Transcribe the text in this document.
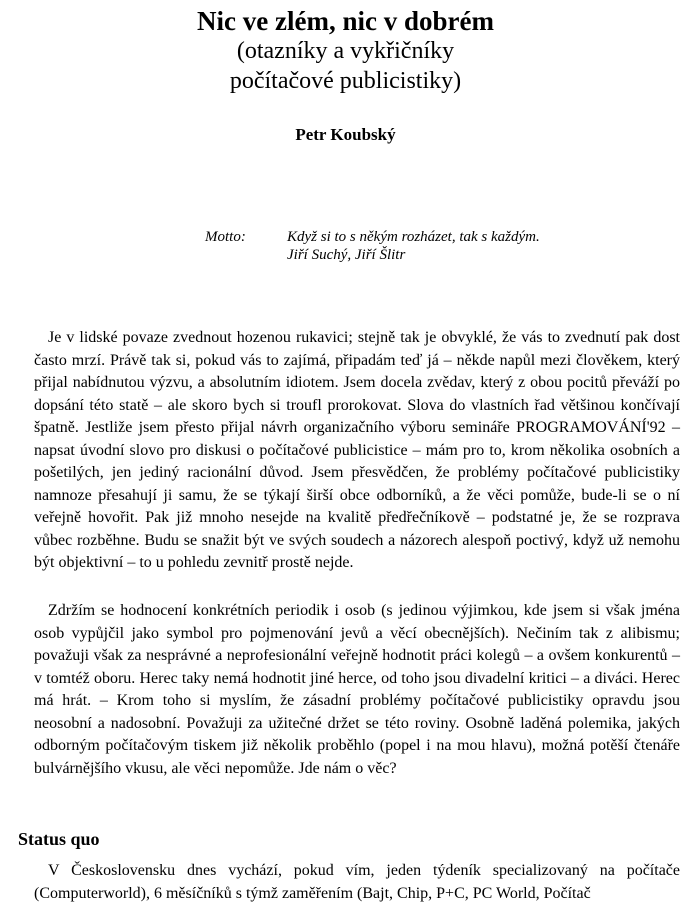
Nic ve zlém, nic v dobrém
(otazníky a vykřičníky
počítačové publicistiky)
Petr Koubský
Motto:	Když si to s někým rozházet, tak s každým.
Jiří Suchý, Jiří Šlitr

Je v lidské povaze zvednout hozenou rukavici; stejně tak je obvyklé, že vás to zvednutí pak dost často mrzí. Právě tak si, pokud vás to zajímá, připadám teď já – někde napůl mezi člověkem, který přijal nabídnutou výzvu, a absolutním idiotem. Jsem docela zvědav, který z obou pocitů převáží po dopsání této statě – ale skoro bych si troufl prorokovat. Slova do vlastních řad většinou končívají špatně. Jestliže jsem přesto přijal návrh organizačního výboru semináře PROGRAMOVÁNÍ'92 – napsat úvodní slovo pro diskusi o počítačové publicistice – mám pro to, krom několika osobních a pošetilých, jen jediný racionální důvod. Jsem přesvědčen, že problémy počítačové publicistiky namnoze přesahují ji samu, že se týkají širší obce odborníků, a že věci pomůže, bude-li se o ní veřejně hovořit. Pak již mnoho nesejde na kvalitě předřečníkově – podstatné je, že se rozprava vůbec rozběhne. Budu se snažit být ve svých soudech a názorech alespoň poctivý, když už nemohu být objektivní – to u pohledu zevnitř prostě nejde.

Zdržím se hodnocení konkrétních periodik i osob (s jedinou výjimkou, kde jsem si však jména osob vypůjčil jako symbol pro pojmenování jevů a věcí obecnějších). Nečiním tak z alibismu; považuji však za nesprávné a neprofesionální veřejně hodnotit práci kolegů – a ovšem konkurentů – v tomtéž oboru. Herec taky nemá hodnotit jiné herce, od toho jsou divadelní kritici – a diváci. Herec má hrát. – Krom toho si myslím, že zásadní problémy počítačové publicistiky opravdu jsou neosobní a nadosobní. Považuji za užitečné držet se této roviny. Osobně laděná polemika, jakých odborným počítačovým tiskem již několik proběhlo (popel i na mou hlavu), možná potěší čtenáře bulvárnějšího vkusu, ale věci nepomůže. Jde nám o věc?

Status quo

V Československu dnes vychází, pokud vím, jeden týdeník specializovaný na počítače (Computerworld), 6 měsíčníků s týmž zaměřením (Bajt, Chip, P+C, PC World, Počítač
